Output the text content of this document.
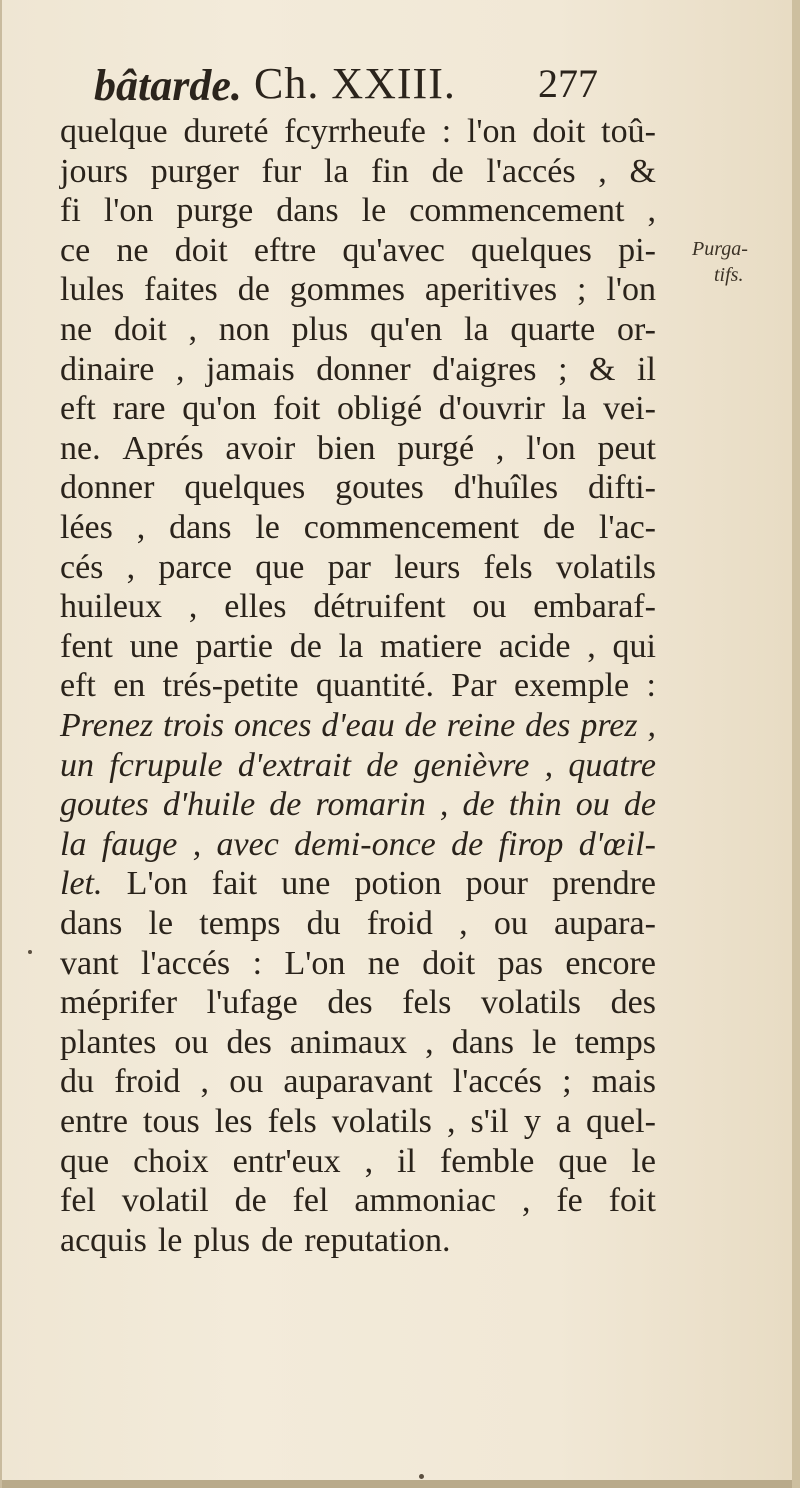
bâtarde. Ch. XXIII. 277
quelque dureté fcyrrheufe : l'on doit toû-
jours purger fur la fin de l'accés , &
fi l'on purge dans le commencement ,
ce ne doit eftre qu'avec quelques pi-
lules faites de gommes aperitives ; l'on
ne doit , non plus qu'en la quarte or-
dinaire , jamais donner d'aigres ; & il
eft rare qu'on foit obligé d'ouvrir la vei-
ne. Aprés avoir bien purgé , l'on peut
donner quelques goutes d'huîles difti-
lées , dans le commencement de l'ac-
cés , parce que par leurs fels volatils
huileux , elles détruifent ou embaraf-
fent une partie de la matiere acide , qui
eft en trés-petite quantité. Par exemple :
Prenez trois onces d'eau de reine des prez ,
un fcrupule d'extrait de genièvre , quatre
goutes d'huile de romarin , de thin ou de
la fauge , avec demi-once de firop d'œil-
let. L'on fait une potion pour prendre
dans le temps du froid , ou aupara-
vant l'accés : L'on ne doit pas encore
méprifer l'ufage des fels volatils des
plantes ou des animaux , dans le temps
du froid , ou auparavant l'accés ; mais
entre tous les fels volatils , s'il y a quel-
que choix entr'eux , il femble que le
fel volatil de fel ammoniac , fe foit
acquis le plus de reputation.
Purga-
tifs.
